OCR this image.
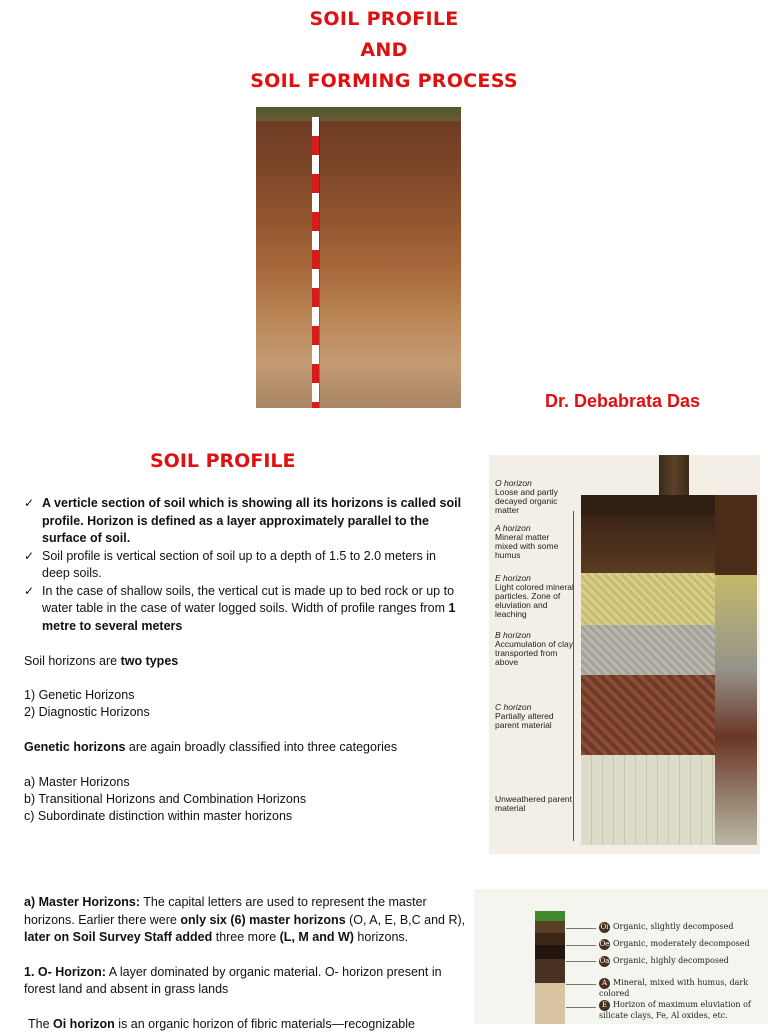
SOIL PROFILE
AND
SOIL FORMING PROCESS
Dr. Debabrata Das
SOIL PROFILE
✓ A verticle section of soil which is showing all its horizons is called soil profile. Horizon is defined as a layer approximately parallel to the surface of soil.
✓ Soil profile is vertical section of soil up to a depth of 1.5 to 2.0 meters in deep soils.
✓ In the case of shallow soils, the vertical cut is made up to bed rock or up to water table in the case of water logged soils. Width of profile ranges from 1 metre to several meters
Soil horizons are two types
1) Genetic Horizons
2) Diagnostic Horizons
Genetic horizons are again broadly classified into three categories
a) Master Horizons
b) Transitional Horizons and Combination Horizons
c) Subordinate distinction within master horizons
O horizon
Loose and partly decayed organic matter
A horizon
Mineral matter mixed with some humus
E horizon
Light colored mineral particles. Zone of eluviation and leaching
B horizon
Accumulation of clay transported from above
C horizon
Partially altered parent material
Unweathered parent material
a) Master Horizons: The capital letters are used to represent the master horizons. Earlier there were only six (6) master horizons (O, A, E, B,C and R), later on Soil Survey Staff added three more (L, M and W) horizons.
1. O- Horizon: A layer dominated by organic material. O- horizon present in forest land and absent in grass lands
The Oi horizon is an organic horizon of fibric materials—recognizable
Oi Organic, slightly decomposed
Oe Organic, moderately decomposed
Oa Organic, highly decomposed
A Mineral, mixed with humus, dark colored
E Horizon of maximum eluviation of silicate clays, Fe, Al oxides, etc.
